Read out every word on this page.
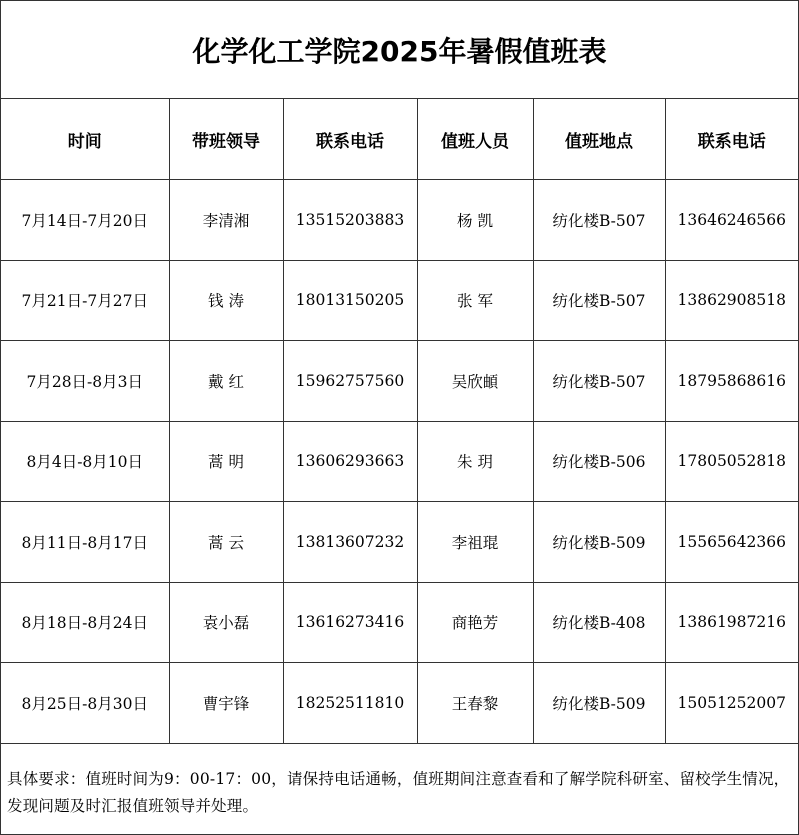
化学化工学院2025年暑假值班表
时间	带班领导	联系电话	值班人员	值班地点	联系电话
7月14日-7月20日	李清湘	13515203883	杨 凯	纺化楼B-507	13646246566
7月21日-7月27日	钱 涛	18013150205	张 军	纺化楼B-507	13862908518
7月28日-8月3日	戴 红	15962757560	吴欣頔	纺化楼B-507	18795868616
8月4日-8月10日	蒿 明	13606293663	朱 玥	纺化楼B-506	17805052818
8月11日-8月17日	蒿 云	13813607232	李祖琨	纺化楼B-509	15565642366
8月18日-8月24日	袁小磊	13616273416	商艳芳	纺化楼B-408	13861987216
8月25日-8月30日	曹宇锋	18252511810	王春黎	纺化楼B-509	15051252007
具体要求：值班时间为9：00-17：00，请保持电话通畅，值班期间注意查看和了解学院科研室、留校学生情况，发现问题及时汇报值班领导并处理。
